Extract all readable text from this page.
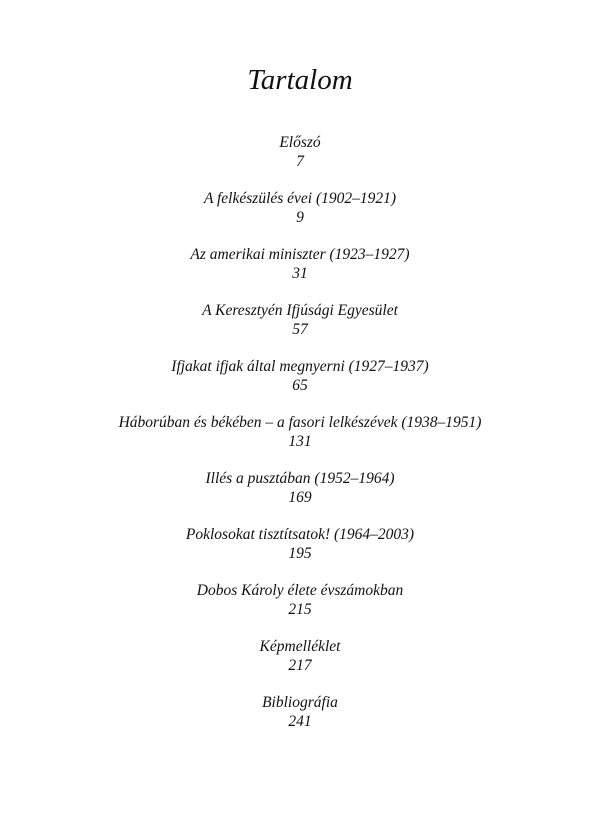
Tartalom
Előszó
7
A felkészülés évei (1902–1921)
9
Az amerikai miniszter (1923–1927)
31
A Keresztyén Ifjúsági Egyesület
57
Ifjakat ifjak által megnyerni (1927–1937)
65
Háborúban és békében – a fasori lelkészévek (1938–1951)
131
Illés a pusztában (1952–1964)
169
Poklosokat tisztítsatok! (1964–2003)
195
Dobos Károly élete évszámokban
215
Képmelléklet
217
Bibliográfia
241
